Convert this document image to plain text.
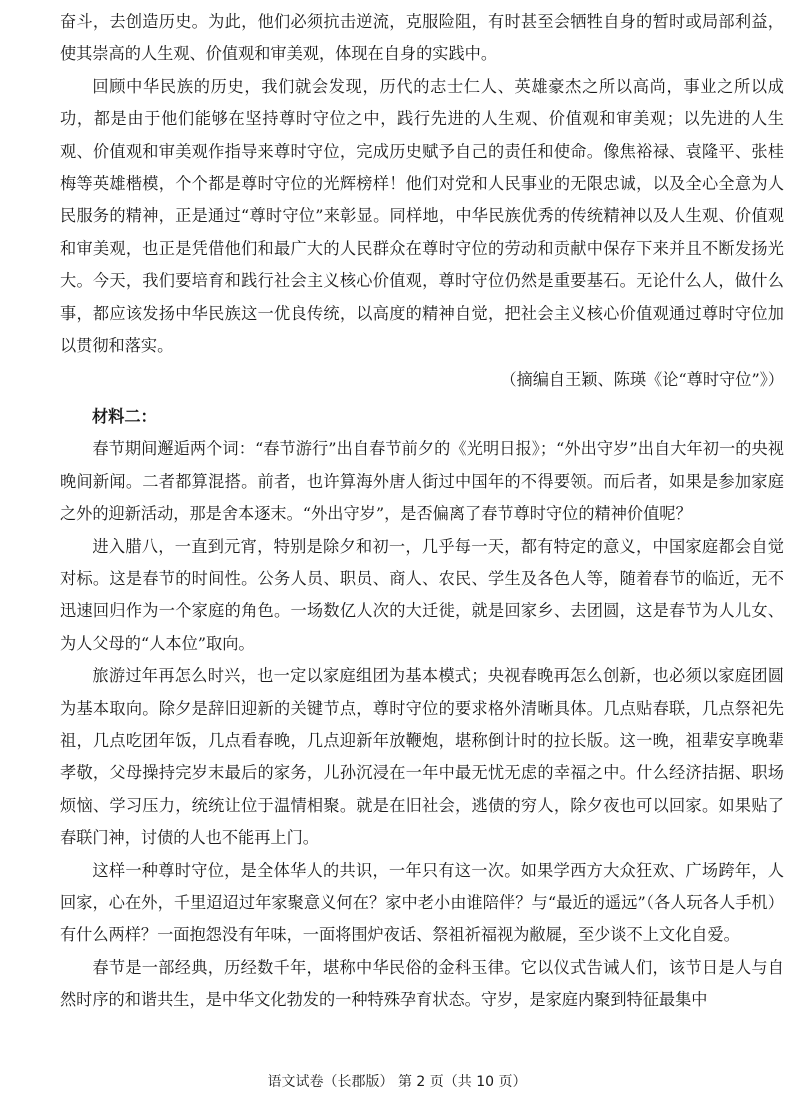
奋斗，去创造历史。为此，他们必须抗击逆流，克服险阻，有时甚至会牺牲自身的暂时或局部利益，使其崇高的人生观、价值观和审美观，体现在自身的实践中。

回顾中华民族的历史，我们就会发现，历代的志士仁人、英雄豪杰之所以高尚，事业之所以成功，都是由于他们能够在坚持尊时守位之中，践行先进的人生观、价值观和审美观；以先进的人生观、价值观和审美观作指导来尊时守位，完成历史赋予自己的责任和使命。像焦裕禄、袁隆平、张桂梅等英雄楷模，个个都是尊时守位的光辉榜样！他们对党和人民事业的无限忠诚，以及全心全意为人民服务的精神，正是通过“尊时守位”来彰显。同样地，中华民族优秀的传统精神以及人生观、价值观和审美观，也正是凭借他们和最广大的人民群众在尊时守位的劳动和贡献中保存下来并且不断发扬光大。今天，我们要培育和践行社会主义核心价值观，尊时守位仍然是重要基石。无论什么人，做什么事，都应该发扬中华民族这一优良传统，以高度的精神自觉，把社会主义核心价值观通过尊时守位加以贯彻和落实。

（摘编自王颖、陈瑛《论“尊时守位”》）

材料二：

春节期间邂逅两个词：“春节游行”出自春节前夕的《光明日报》；“外出守岁”出自大年初一的央视晚间新闻。二者都算混搭。前者，也许算海外唐人街过中国年的不得要领。而后者，如果是参加家庭之外的迎新活动，那是舍本逐末。“外出守岁”，是否偏离了春节尊时守位的精神价值呢？

进入腊八，一直到元宵，特别是除夕和初一，几乎每一天，都有特定的意义，中国家庭都会自觉对标。这是春节的时间性。公务人员、职员、商人、农民、学生及各色人等，随着春节的临近，无不迅速回归作为一个家庭的角色。一场数亿人次的大迁徙，就是回家乡、去团圆，这是春节为人儿女、为人父母的“人本位”取向。

旅游过年再怎么时兴，也一定以家庭组团为基本模式；央视春晚再怎么创新，也必须以家庭团圆为基本取向。除夕是辞旧迎新的关键节点，尊时守位的要求格外清晰具体。几点贴春联，几点祭祀先祖，几点吃团年饭，几点看春晚，几点迎新年放鞭炮，堪称倒计时的拉长版。这一晚，祖辈安享晚辈孝敬，父母操持完岁末最后的家务，儿孙沉浸在一年中最无忧无虑的幸福之中。什么经济拮据、职场烦恼、学习压力，统统让位于温情相聚。就是在旧社会，逃债的穷人，除夕夜也可以回家。如果贴了春联门神，讨债的人也不能再上门。

这样一种尊时守位，是全体华人的共识，一年只有这一次。如果学西方大众狂欢、广场跨年，人回家，心在外，千里迢迢过年家聚意义何在？家中老小由谁陪伴？与“最近的遥远”（各人玩各人手机）有什么两样？一面抱怨没有年味，一面将围炉夜话、祭祖祈福视为敝屣，至少谈不上文化自爱。

春节是一部经典，历经数千年，堪称中华民俗的金科玉律。它以仪式告诫人们，该节日是人与自然时序的和谐共生，是中华文化勃发的一种特殊孕育状态。守岁，是家庭内聚到特征最集中

语文试卷（长郡版） 第 2 页（共 10 页）
